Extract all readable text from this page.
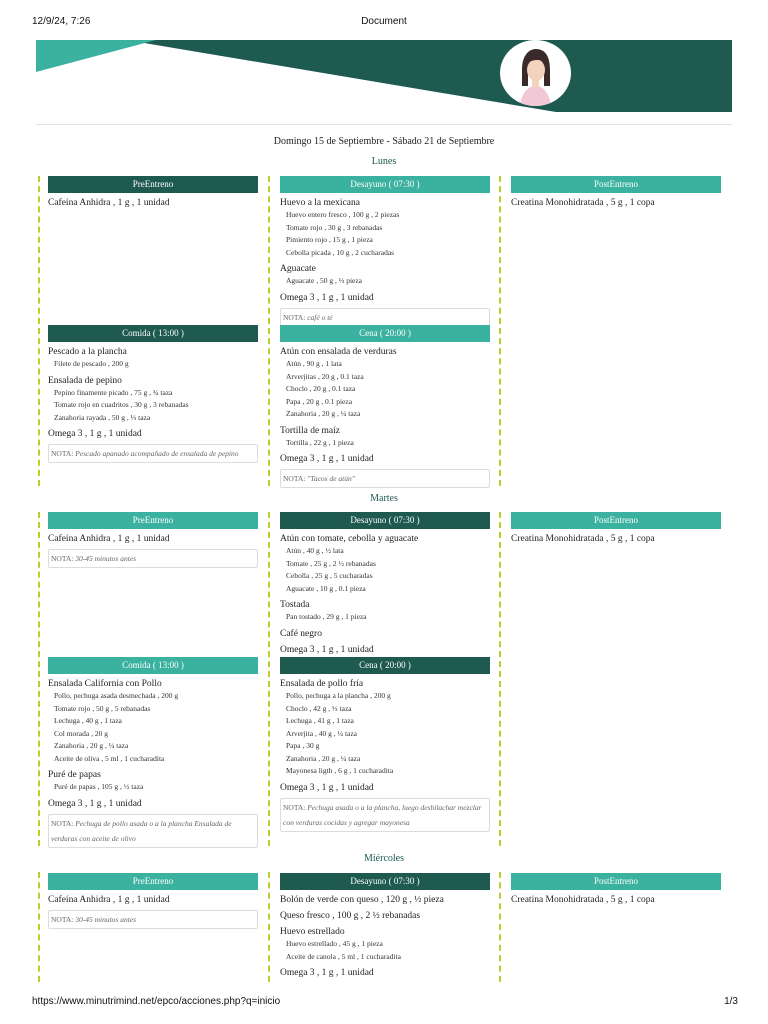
12/9/24, 7:26	Document
Adriana
Domingo 15 de Septiembre - Sábado 21 de Septiembre
Lunes
PreEntreno
Cafeína Anhidra , 1 g , 1 unidad
Desayuno ( 07:30 )
Huevo a la mexicana
Huevo entero fresco , 100 g , 2 piezas
Tomate rojo , 30 g , 3 rebanadas
Pimiento rojo , 15 g , 1 pieza
Cebolla picada , 10 g , 2 cucharadas
Aguacate
Aguacate , 50 g , ⅓ pieza
Omega 3 , 1 g , 1 unidad
NOTA: café o té
PostEntreno
Creatina Monohidratada , 5 g , 1 copa
Comida ( 13:00 )
Pescado a la plancha
Filete de pescado , 200 g
Ensalada de pepino
Pepino finamente picado , 75 g , ¾ taza
Tomate rojo en cuadritos , 30 g , 3 rebanadas
Zanahoria rayada , 50 g , ⅓ taza
Omega 3 , 1 g , 1 unidad
NOTA: Pescado apanado acompañado de ensalada de pepino
Cena ( 20:00 )
Atún con ensalada de verduras
Atún , 90 g , 1 lata
Arverjitas , 20 g , 0.1 taza
Choclo , 20 g , 0.1 taza
Papa , 20 g , 0.1 pieza
Zanahoria , 20 g , ¼ taza
Tortilla de maíz
Tortilla , 22 g , 1 pieza
Omega 3 , 1 g , 1 unidad
NOTA: "Tacos de atún"
Martes
PreEntreno
Cafeína Anhidra , 1 g , 1 unidad
NOTA: 30-45 minutos antes
Desayuno ( 07:30 )
Atún con tomate, cebolla y aguacate
Atún , 40 g , ½ lata
Tomate , 25 g , 2 ½ rebanadas
Cebolla , 25 g , 5 cucharadas
Aguacate , 10 g , 0.1 pieza
Tostada
Pan tostado , 29 g , 1 pieza
Café negro
Omega 3 , 1 g , 1 unidad
PostEntreno
Creatina Monohidratada , 5 g , 1 copa
Comida ( 13:00 )
Ensalada California con Pollo
Pollo, pechuga asada desmechada , 200 g
Tomate rojo , 50 g , 5 rebanadas
Lechuga , 40 g , 1 taza
Col morada , 20 g
Zanahoria , 20 g , ¼ taza
Aceite de oliva , 5 ml , 1 cucharadita
Puré de papas
Puré de papas , 105 g , ½ taza
Omega 3 , 1 g , 1 unidad
NOTA: Pechuga de pollo asada o a la plancha Ensalada de verduras con aceite de olivo
Cena ( 20:00 )
Ensalada de pollo fría
Pollo, pechuga a la plancha , 200 g
Choclo , 42 g , ⅓ taza
Lechuga , 41 g , 1 taza
Arverjita , 40 g , ¼ taza
Papa , 30 g
Zanahoria , 20 g , ¼ taza
Mayonesa ligth , 6 g , 1 cucharadita
Omega 3 , 1 g , 1 unidad
NOTA: Pechuga asada o a la plancha, luego deshilachar mezclar con verduras cocidas y agregar mayonesa
Miércoles
PreEntreno
Cafeína Anhidra , 1 g , 1 unidad
NOTA: 30-45 minutos antes
Desayuno ( 07:30 )
Bolón de verde con queso , 120 g , ½ pieza
Queso fresco , 100 g , 2 ½ rebanadas
Huevo estrellado
Huevo estrellado , 45 g , 1 pieza
Aceite de canola , 5 ml , 1 cucharadita
Omega 3 , 1 g , 1 unidad
PostEntreno
Creatina Monohidratada , 5 g , 1 copa
https://www.minutrimind.net/epco/acciones.php?q=inicio	1/3
